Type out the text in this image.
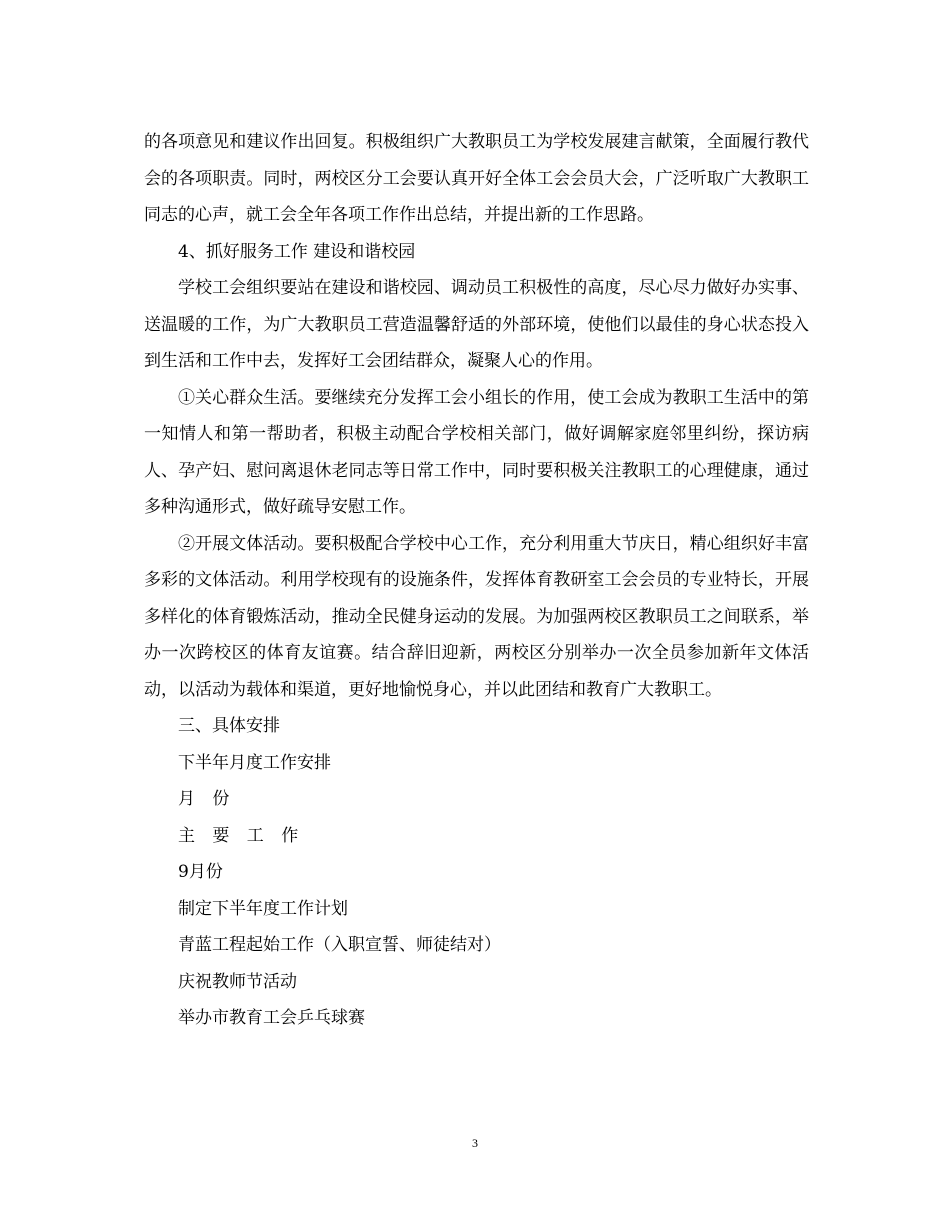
的各项意见和建议作出回复。积极组织广大教职员工为学校发展建言献策，全面履行教代会的各项职责。同时，两校区分工会要认真开好全体工会会员大会，广泛听取广大教职工同志的心声，就工会全年各项工作作出总结，并提出新的工作思路。

4、抓好服务工作 建设和谐校园

学校工会组织要站在建设和谐校园、调动员工积极性的高度，尽心尽力做好办实事、送温暖的工作，为广大教职员工营造温馨舒适的外部环境，使他们以最佳的身心状态投入到生活和工作中去，发挥好工会团结群众，凝聚人心的作用。

①关心群众生活。要继续充分发挥工会小组长的作用，使工会成为教职工生活中的第一知情人和第一帮助者，积极主动配合学校相关部门，做好调解家庭邻里纠纷，探访病人、孕产妇、慰问离退休老同志等日常工作中，同时要积极关注教职工的心理健康，通过多种沟通形式，做好疏导安慰工作。

②开展文体活动。要积极配合学校中心工作，充分利用重大节庆日，精心组织好丰富多彩的文体活动。利用学校现有的设施条件，发挥体育教研室工会会员的专业特长，开展多样化的体育锻炼活动，推动全民健身运动的发展。为加强两校区教职员工之间联系，举办一次跨校区的体育友谊赛。结合辞旧迎新，两校区分别举办一次全员参加新年文体活动，以活动为载体和渠道，更好地愉悦身心，并以此团结和教育广大教职工。

三、具体安排

下半年月度工作安排

月 份

主 要 工 作

9月份

制定下半年度工作计划

青蓝工程起始工作（入职宣誓、师徒结对）

庆祝教师节活动

举办市教育工会乒乓球赛

3
